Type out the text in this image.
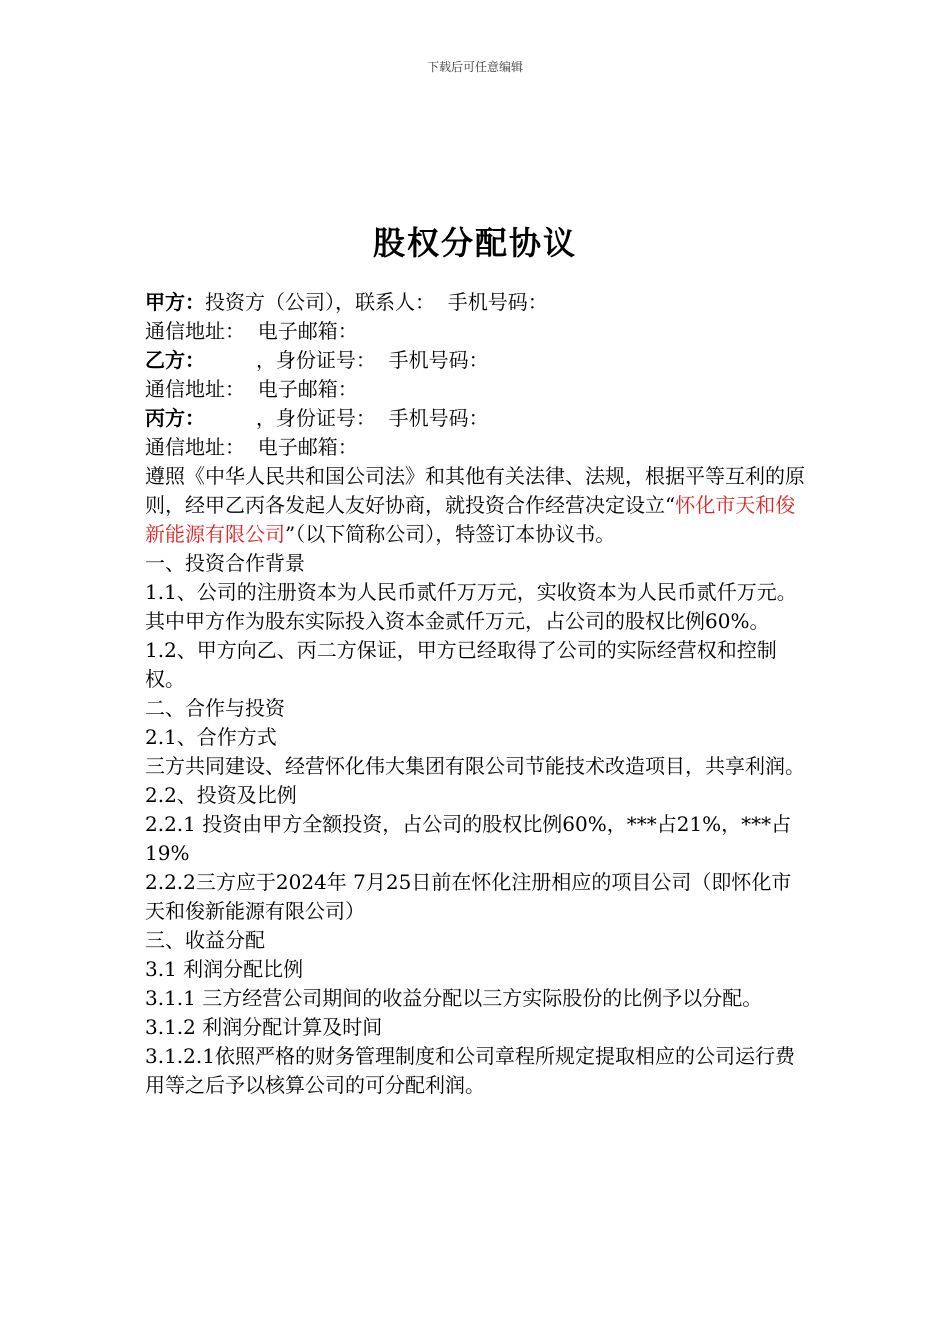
下载后可任意编辑
股权分配协议

甲方：投资方（公司），联系人：  手机号码：

通信地址：  电子邮箱：

乙方：        ，身份证号：  手机号码：

通信地址：  电子邮箱：

丙方：        ，身份证号：  手机号码：

通信地址：  电子邮箱：

遵照《中华人民共和国公司法》和其他有关法律、法规，根据平等互利的原则，经甲乙丙各发起人友好协商，就投资合作经营决定设立“怀化市天和俊新能源有限公司”（以下简称公司），特签订本协议书。

一、投资合作背景

1.1、公司的注册资本为人民币贰仟万万元，实收资本为人民币贰仟万元。其中甲方作为股东实际投入资本金贰仟万元，占公司的股权比例60%。

1.2、甲方向乙、丙二方保证，甲方已经取得了公司的实际经营权和控制权。

二、合作与投资

2.1、合作方式

三方共同建设、经营怀化伟大集团有限公司节能技术改造项目，共享利润。

2.2、投资及比例

2.2.1 投资由甲方全额投资，占公司的股权比例60%，***占21%，***占19%

2.2.2三方应于2024年 7月25日前在怀化注册相应的项目公司（即怀化市天和俊新能源有限公司）

三、收益分配

3.1 利润分配比例

3.1.1 三方经营公司期间的收益分配以三方实际股份的比例予以分配。

3.1.2 利润分配计算及时间

3.1.2.1依照严格的财务管理制度和公司章程所规定提取相应的公司运行费用等之后予以核算公司的可分配利润。
